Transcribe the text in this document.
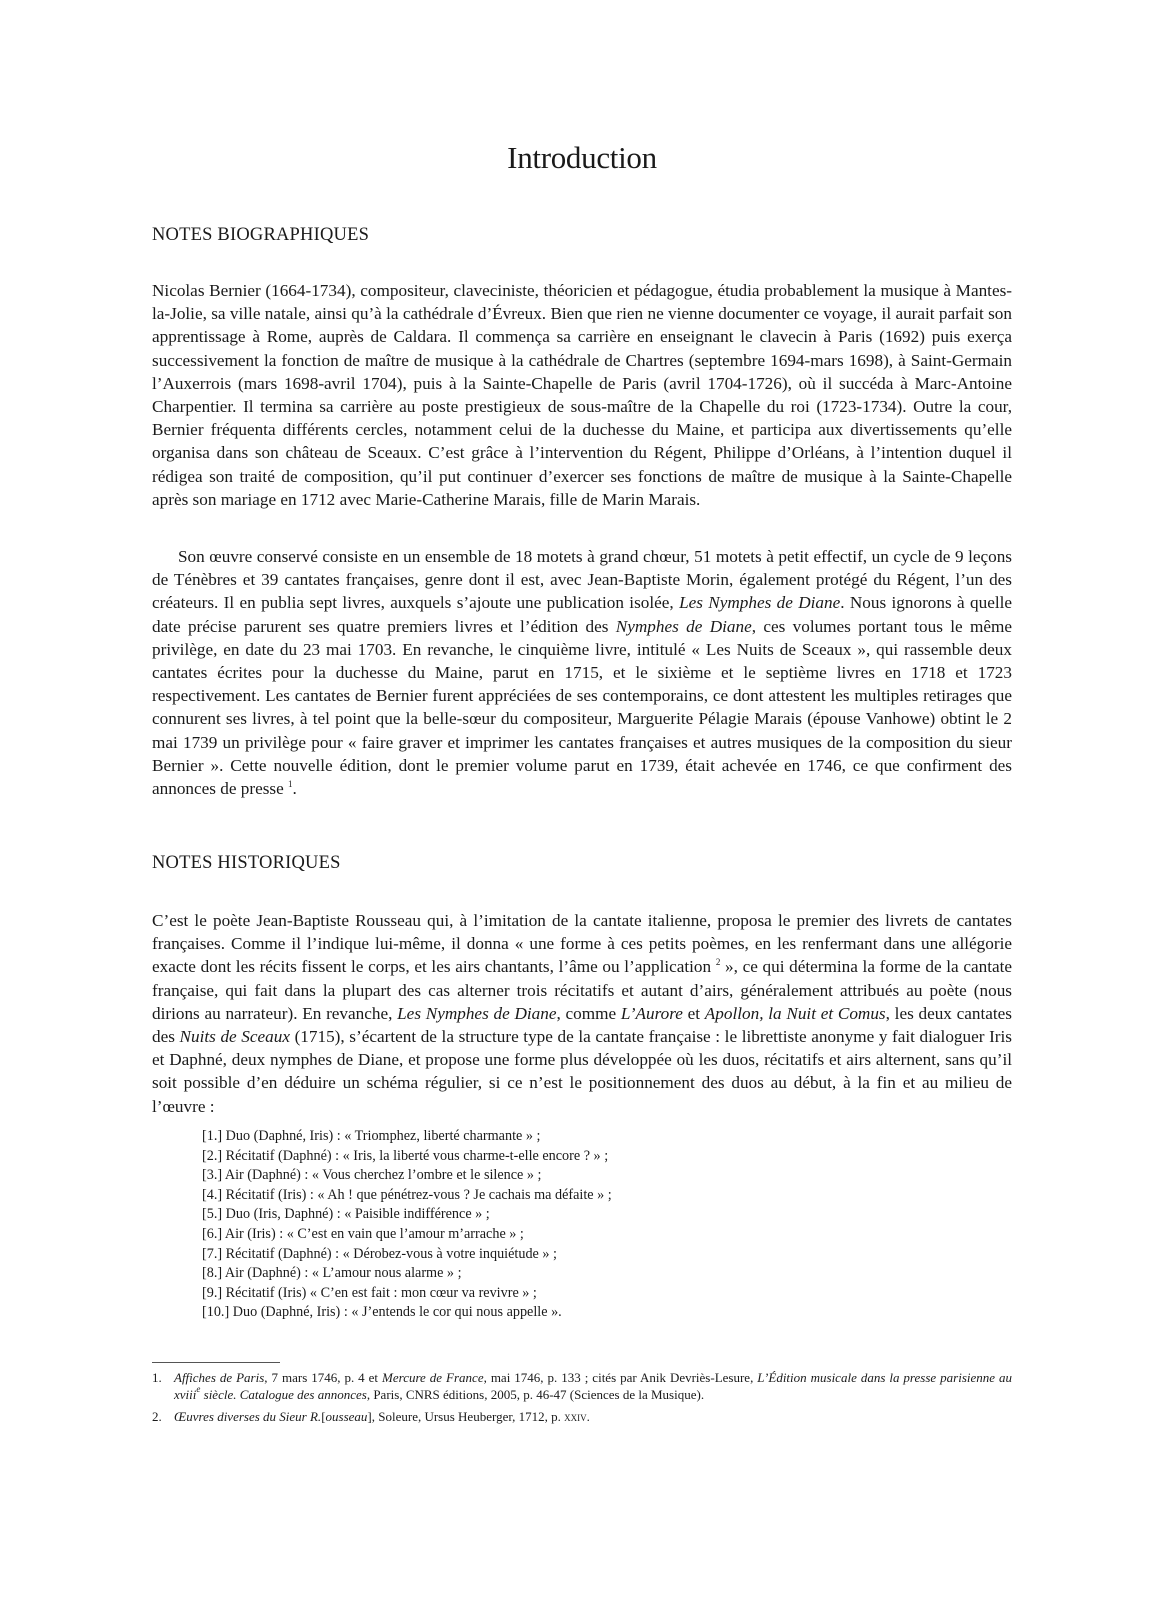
Introduction
NOTES BIOGRAPHIQUES

Nicolas Bernier (1664-1734), compositeur, claveciniste, théoricien et pédagogue, étudia probablement la musique à Mantes-la-Jolie, sa ville natale, ainsi qu’à la cathédrale d’Évreux. Bien que rien ne vienne documenter ce voyage, il aurait parfait son apprentissage à Rome, auprès de Caldara. Il commença sa carrière en enseignant le clavecin à Paris (1692) puis exerça successivement la fonction de maître de musique à la cathédrale de Chartres (septembre 1694-mars 1698), à Saint-Germain l’Auxerrois (mars 1698-avril 1704), puis à la Sainte-Chapelle de Paris (avril 1704-1726), où il succéda à Marc-Antoine Charpentier. Il termina sa carrière au poste prestigieux de sous-maître de la Chapelle du roi (1723-1734). Outre la cour, Bernier fréquenta différents cercles, notamment celui de la duchesse du Maine, et participa aux divertissements qu’elle organisa dans son château de Sceaux. C’est grâce à l’intervention du Régent, Philippe d’Orléans, à l’intention duquel il rédigea son traité de composition, qu’il put continuer d’exercer ses fonctions de maître de musique à la Sainte-Chapelle après son mariage en 1712 avec Marie-Catherine Marais, fille de Marin Marais.

Son œuvre conservé consiste en un ensemble de 18 motets à grand chœur, 51 motets à petit effectif, un cycle de 9 leçons de Ténèbres et 39 cantates françaises, genre dont il est, avec Jean-Baptiste Morin, également protégé du Régent, l’un des créateurs. Il en publia sept livres, auxquels s’ajoute une publication isolée, Les Nymphes de Diane. Nous ignorons à quelle date précise parurent ses quatre premiers livres et l’édition des Nymphes de Diane, ces volumes portant tous le même privilège, en date du 23 mai 1703. En revanche, le cinquième livre, intitulé « Les Nuits de Sceaux », qui rassemble deux cantates écrites pour la duchesse du Maine, parut en 1715, et le sixième et le septième livres en 1718 et 1723 respectivement. Les cantates de Bernier furent appréciées de ses contemporains, ce dont attestent les multiples retirages que connurent ses livres, à tel point que la belle-sœur du compositeur, Marguerite Pélagie Marais (épouse Vanhowe) obtint le 2 mai 1739 un privilège pour « faire graver et imprimer les cantates françaises et autres musiques de la composition du sieur Bernier ». Cette nouvelle édition, dont le premier volume parut en 1739, était achevée en 1746, ce que confirment des annonces de presse $^1$.

NOTES HISTORIQUES

C’est le poète Jean-Baptiste Rousseau qui, à l’imitation de la cantate italienne, proposa le premier des livrets de cantates françaises. Comme il l’indique lui-même, il donna « une forme à ces petits poèmes, en les renfermant dans une allégorie exacte dont les récits fissent le corps, et les airs chantants, l’âme ou l’application $^2$ », ce qui détermina la forme de la cantate française, qui fait dans la plupart des cas alterner trois récitatifs et autant d’airs, généralement attribués au poète (nous dirions au narrateur). En revanche, Les Nymphes de Diane, comme L’Aurore et Apollon, la Nuit et Comus, les deux cantates des Nuits de Sceaux (1715), s’écartent de la structure type de la cantate française : le librettiste anonyme y fait dialoguer Iris et Daphné, deux nymphes de Diane, et propose une forme plus développée où les duos, récitatifs et airs alternent, sans qu’il soit possible d’en déduire un schéma régulier, si ce n’est le positionnement des duos au début, à la fin et au milieu de l’œuvre :

[1.] Duo (Daphné, Iris) : « Triomphez, liberté charmante » ;
[2.] Récitatif (Daphné) : « Iris, la liberté vous charme-t-elle encore ? » ;
[3.] Air (Daphné) : « Vous cherchez l’ombre et le silence » ;
[4.] Récitatif (Iris) : « Ah ! que pénétrez-vous ? Je cachais ma défaite » ;
[5.] Duo (Iris, Daphné) : « Paisible indifférence » ;
[6.] Air (Iris) : « C’est en vain que l’amour m’arrache » ;
[7.] Récitatif (Daphné) : « Dérobez-vous à votre inquiétude » ;
[8.] Air (Daphné) : « L’amour nous alarme » ;
[9.] Récitatif (Iris) « C’en est fait : mon cœur va revivre » ;
[10.] Duo (Daphné, Iris) : « J’entends le cor qui nous appelle ».
1. Affiches de Paris, 7 mars 1746, p. 4 et Mercure de France, mai 1746, p. 133 ; cités par Anik Devriès-Lesure, L’Édition musicale dans la presse parisienne au xviii$^e$ siècle. Catalogue des annonces, Paris, CNRS éditions, 2005, p. 46-47 (Sciences de la Musique).
2. Œuvres diverses du Sieur R.[ousseau], Soleure, Ursus Heuberger, 1712, p. xxiv.
